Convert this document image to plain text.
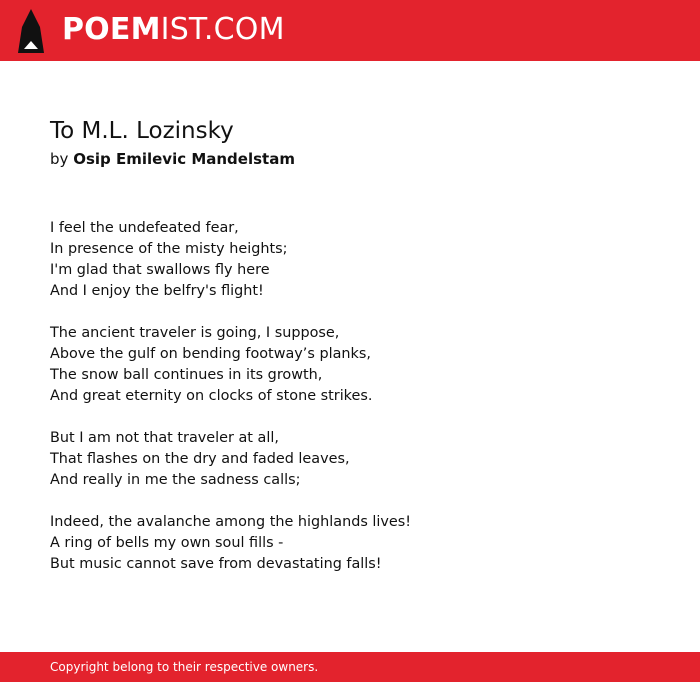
POEMIST.COM
To M.L. Lozinsky
by Osip Emilevic Mandelstam
I feel the undefeated fear,
In presence of the misty heights;
I'm glad that swallows fly here
And I enjoy the belfry's flight!
The ancient traveler is going, I suppose,
Above the gulf on bending footway’s planks,
The snow ball continues in its growth,
And great eternity on clocks of stone strikes.
But I am not that traveler at all,
That flashes on the dry and faded leaves,
And really in me the sadness calls;
Indeed, the avalanche among the highlands lives!
A ring of bells my own soul fills -
But music cannot save from devastating falls!
Copyright belong to their respective owners.
